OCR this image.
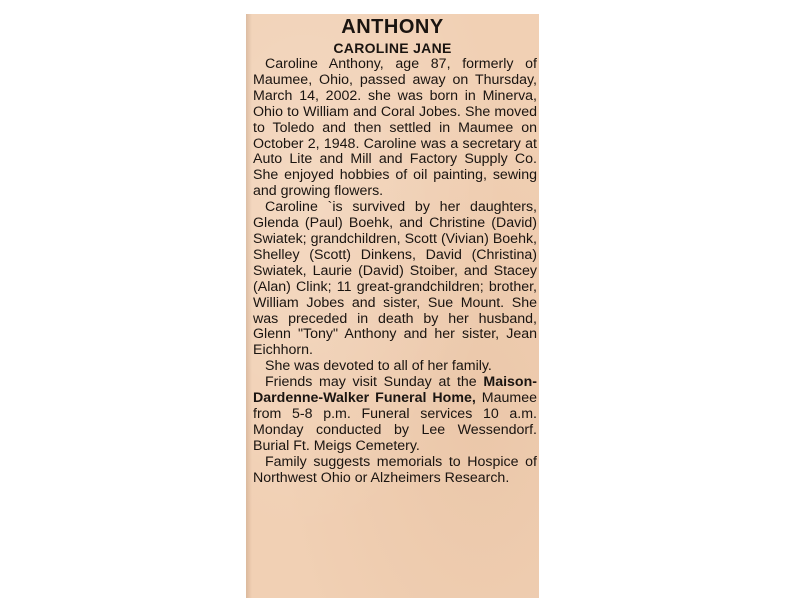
ANTHONY
CAROLINE JANE

Caroline Anthony, age 87, formerly of Maumee, Ohio, passed away on Thursday, March 14, 2002. she was born in Minerva, Ohio to William and Coral Jobes. She moved to Toledo and then settled in Maumee on October 2, 1948. Caroline was a secretary at Auto Lite and Mill and Factory Supply Co. She enjoyed hobbies of oil painting, sewing and growing flowers.

Caroline `is survived by her daughters, Glenda (Paul) Boehk, and Christine (David) Swiatek; grandchildren, Scott (Vivian) Boehk, Shelley (Scott) Dinkens, David (Christina) Swiatek, Laurie (David) Stoiber, and Stacey (Alan) Clink; 11 great-grandchildren; brother, William Jobes and sister, Sue Mount. She was preceded in death by her husband, Glenn "Tony" Anthony and her sister, Jean Eichhorn.

She was devoted to all of her family.

Friends may visit Sunday at the Maison-Dardenne-Walker Funeral Home, Maumee from 5-8 p.m. Funeral services 10 a.m. Monday conducted by Lee Wessendorf. Burial Ft. Meigs Cemetery.

Family suggests memorials to Hospice of Northwest Ohio or Alzheimers Research.
